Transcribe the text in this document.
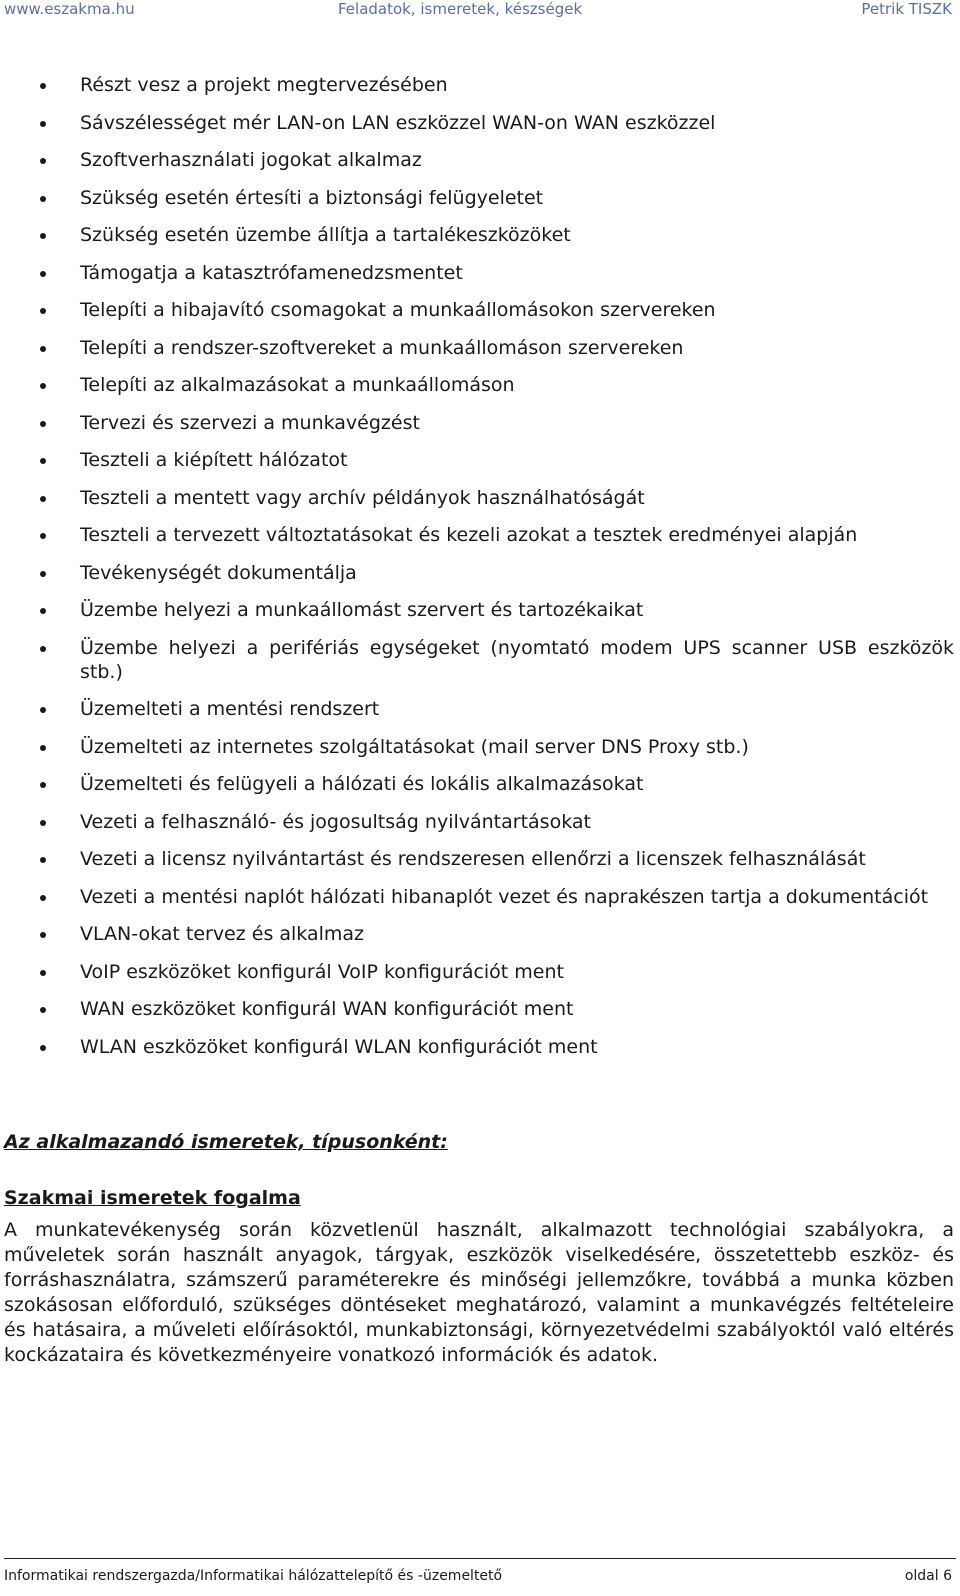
www.eszakma.hu	Feladatok, ismeretek, készségek	Petrik TISZK
Részt vesz a projekt megtervezésében
Sávszélességet mér LAN-on LAN eszközzel WAN-on WAN eszközzel
Szoftverhasználati jogokat alkalmaz
Szükség esetén értesíti a biztonsági felügyeletet
Szükség esetén üzembe állítja a tartalékeszközöket
Támogatja a katasztrófamenedzsmentet
Telepíti a hibajavító csomagokat a munkaállomásokon szervereken
Telepíti a rendszer-szoftvereket a munkaállomáson szervereken
Telepíti az alkalmazásokat a munkaállomáson
Tervezi és szervezi a munkavégzést
Teszteli a kiépített hálózatot
Teszteli a mentett vagy archív példányok használhatóságát
Teszteli a tervezett változtatásokat és kezeli azokat a tesztek eredményei alapján
Tevékenységét dokumentálja
Üzembe helyezi a munkaállomást szervert és tartozékaikat
Üzembe helyezi a perifériás egységeket (nyomtató modem UPS scanner USB eszközök stb.)
Üzemelteti a mentési rendszert
Üzemelteti az internetes szolgáltatásokat (mail server DNS Proxy stb.)
Üzemelteti és felügyeli a hálózati és lokális alkalmazásokat
Vezeti a felhasználó- és jogosultság nyilvántartásokat
Vezeti a licensz nyilvántartást és rendszeresen ellenőrzi a licenszek felhasználását
Vezeti a mentési naplót hálózati hibanaplót vezet és naprakészen tartja a dokumentációt
VLAN-okat tervez és alkalmaz
VoIP eszközöket konfigurál VoIP konfigurációt ment
WAN eszközöket konfigurál WAN konfigurációt ment
WLAN eszközöket konfigurál WLAN konfigurációt ment
Az alkalmazandó ismeretek, típusonként:
Szakmai ismeretek fogalma

A munkatevékenység során közvetlenül használt, alkalmazott technológiai szabályokra, a műveletek során használt anyagok, tárgyak, eszközök viselkedésére, összetettebb eszköz- és forráshasználatra, számszerű paraméterekre és minőségi jellemzőkre, továbbá a munka közben szokásosan előforduló, szükséges döntéseket meghatározó, valamint a munkavégzés feltételeire és hatásaira, a műveleti előírásoktól, munkabiztonsági, környezetvédelmi szabályoktól való eltérés kockázataira és következményeire vonatkozó információk és adatok.

Informatikai rendszergazda/Informatikai hálózattelepítő és -üzemeltető	oldal 6
